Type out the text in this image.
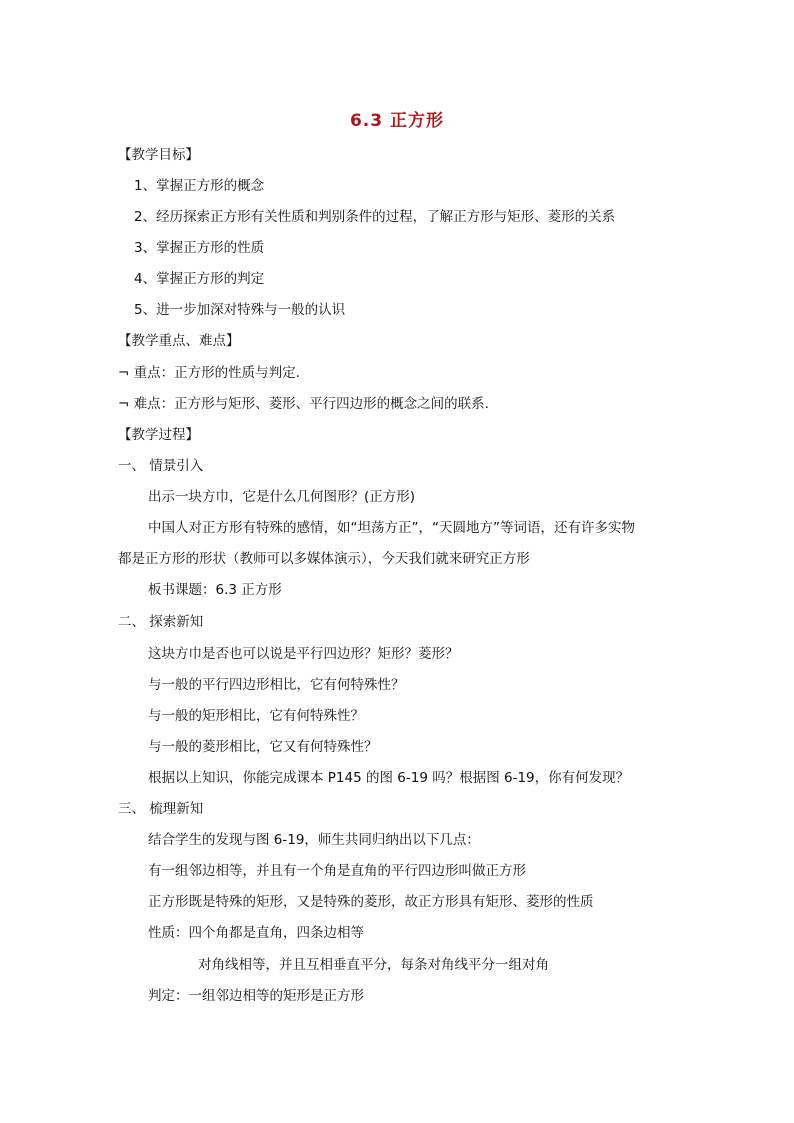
6.3 正方形
【教学目标】
1、掌握正方形的概念
2、经历探索正方形有关性质和判别条件的过程，了解正方形与矩形、菱形的关系
3、掌握正方形的性质
4、掌握正方形的判定
5、进一步加深对特殊与一般的认识
【教学重点、难点】
¬ 重点：正方形的性质与判定.
¬ 难点：正方形与矩形、菱形、平行四边形的概念之间的联系.
【教学过程】
一、 情景引入
出示一块方巾，它是什么几何图形？(正方形)
中国人对正方形有特殊的感情，如“坦荡方正”，“天圆地方”等词语，还有许多实物
都是正方形的形状（教师可以多媒体演示），今天我们就来研究正方形
板书课题：6.3 正方形
二、 探索新知
这块方巾是否也可以说是平行四边形？矩形？菱形？
与一般的平行四边形相比，它有何特殊性？
与一般的矩形相比，它有何特殊性？
与一般的菱形相比，它又有何特殊性？
根据以上知识，你能完成课本 P145 的图 6-19 吗？根据图 6-19，你有何发现？
三、 梳理新知
结合学生的发现与图 6-19，师生共同归纳出以下几点：
有一组邻边相等，并且有一个角是直角的平行四边形叫做正方形
正方形既是特殊的矩形，又是特殊的菱形，故正方形具有矩形、菱形的性质
性质：四个角都是直角，四条边相等
对角线相等，并且互相垂直平分，每条对角线平分一组对角
判定：一组邻边相等的矩形是正方形
